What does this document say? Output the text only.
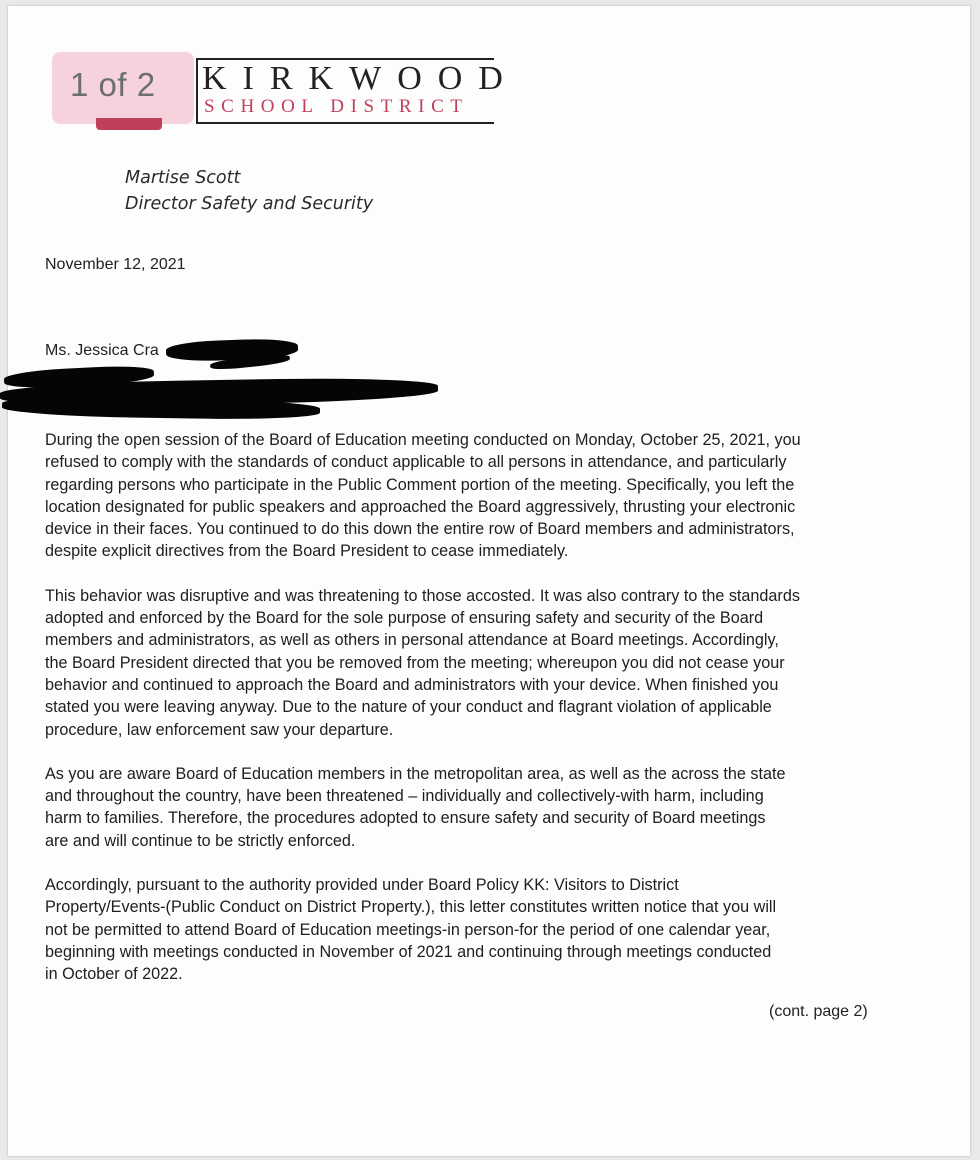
1 of 2	KIRKWOOD
SCHOOL DISTRICT
Martise Scott
Director Safety and Security
November 12, 2021
Ms. Jessica Cra

During the open session of the Board of Education meeting conducted on Monday, October 25, 2021, you
refused to comply with the standards of conduct applicable to all persons in attendance, and particularly
regarding persons who participate in the Public Comment portion of the meeting. Specifically, you left the
location designated for public speakers and approached the Board aggressively, thrusting your electronic
device in their faces. You continued to do this down the entire row of Board members and administrators,
despite explicit directives from the Board President to cease immediately.

This behavior was disruptive and was threatening to those accosted. It was also contrary to the standards
adopted and enforced by the Board for the sole purpose of ensuring safety and security of the Board
members and administrators, as well as others in personal attendance at Board meetings. Accordingly,
the Board President directed that you be removed from the meeting; whereupon you did not cease your
behavior and continued to approach the Board and administrators with your device. When finished you
stated you were leaving anyway. Due to the nature of your conduct and flagrant violation of applicable
procedure, law enforcement saw your departure.

As you are aware Board of Education members in the metropolitan area, as well as the across the state
and throughout the country, have been threatened – individually and collectively-with harm, including
harm to families. Therefore, the procedures adopted to ensure safety and security of Board meetings
are and will continue to be strictly enforced.

Accordingly, pursuant to the authority provided under Board Policy KK: Visitors to District
Property/Events-(Public Conduct on District Property.), this letter constitutes written notice that you will
not be permitted to attend Board of Education meetings-in person-for the period of one calendar year,
beginning with meetings conducted in November of 2021 and continuing through meetings conducted
in October of 2022.

(cont. page 2)
